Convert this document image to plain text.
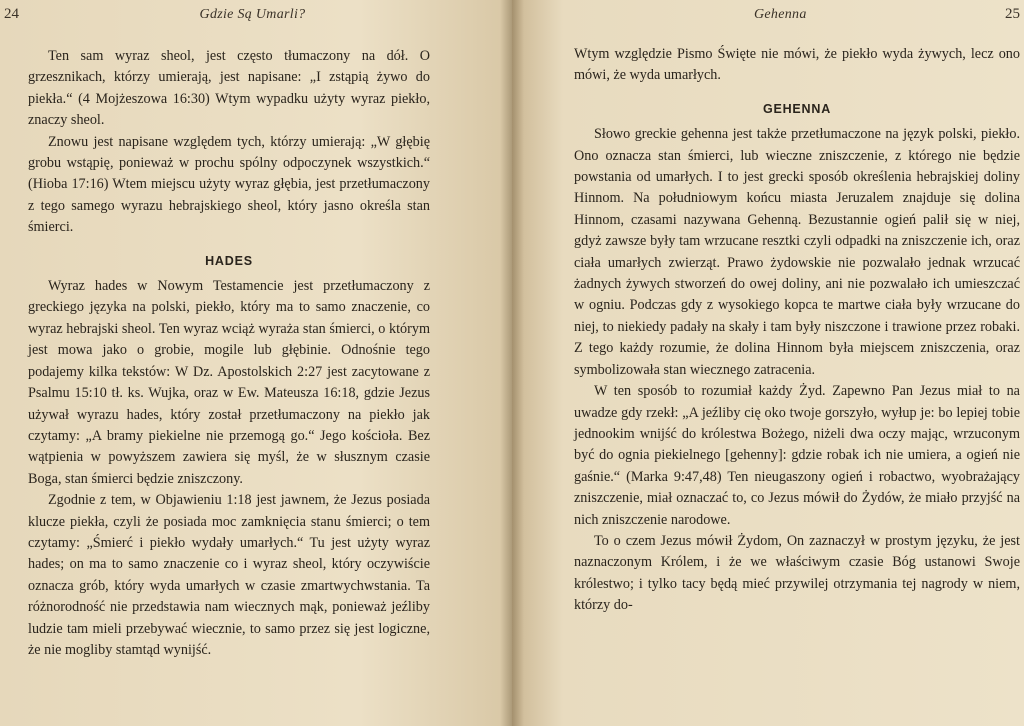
24	Gdzie Są Umarli?

Ten sam wyraz sheol, jest często tłumaczony na dół. O grzesznikach, którzy umierają, jest napisane: „I zstąpią żywo do piekła.“ (4 Mojżeszowa 16:30) Wtym wypadku użyty wyraz piekło, znaczy sheol.

Znowu jest napisane względem tych, którzy umierają: „W głębię grobu wstąpię, ponieważ w prochu spólny odpoczynek wszystkich.“ (Hioba 17:16) Wtem miejscu użyty wyraz głębia, jest przetłumaczony z tego samego wyrazu hebrajskiego sheol, który jasno określa stan śmierci.

HADES

Wyraz hades w Nowym Testamencie jest przetłumaczony z greckiego języka na polski, piekło, który ma to samo znaczenie, co wyraz hebrajski sheol. Ten wyraz wciąż wyraża stan śmierci, o którym jest mowa jako o grobie, mogile lub głębinie. Odnośnie tego podajemy kilka tekstów: W Dz. Apostolskich 2:27 jest zacytowane z Psalmu 15:10 tł. ks. Wujka, oraz w Ew. Mateusza 16:18, gdzie Jezus używał wyrazu hades, który został przetłumaczony na piekło jak czytamy: „A bramy piekielne nie przemogą go.“ Jego kościoła. Bez wątpienia w powyższem zawiera się myśl, że w słusznym czasie Boga, stan śmierci będzie zniszczony.

Zgodnie z tem, w Objawieniu 1:18 jest jawnem, że Jezus posiada klucze piekła, czyli że posiada moc zamknięcia stanu śmierci; o tem czytamy: „Śmierć i piekło wydały umarłych.“ Tu jest użyty wyraz hades; on ma to samo znaczenie co i wyraz sheol, który oczywiście oznacza grób, który wyda umarłych w czasie zmartwychwstania. Ta różnorodność nie przedstawia nam wiecznych mąk, ponieważ jeźliby ludzie tam mieli przebywać wiecznie, to samo przez się jest logiczne, że nie mogliby stamtąd wynijść.

Gehenna	25

Wtym względzie Pismo Święte nie mówi, że piekło wyda żywych, lecz ono mówi, że wyda umarłych.

GEHENNA

Słowo greckie gehenna jest także przetłumaczone na język polski, piekło. Ono oznacza stan śmierci, lub wieczne zniszczenie, z którego nie będzie powstania od umarłych. I to jest grecki sposób określenia hebrajskiej doliny Hinnom. Na południowym końcu miasta Jeruzalem znajduje się dolina Hinnom, czasami nazywana Gehenną. Bezustannie ogień palił się w niej, gdyż zawsze były tam wrzucane resztki czyli odpadki na zniszczenie ich, oraz ciała umarłych zwierząt. Prawo żydowskie nie pozwalało jednak wrzucać żadnych żywych stworzeń do owej doliny, ani nie pozwalało ich umieszczać w ogniu. Podczas gdy z wysokiego kopca te martwe ciała były wrzucane do niej, to niekiedy padały na skały i tam były niszczone i trawione przez robaki. Z tego każdy rozumie, że dolina Hinnom była miejscem zniszczenia, oraz symbolizowała stan wiecznego zatracenia.

W ten sposób to rozumiał każdy Żyd. Zapewno Pan Jezus miał to na uwadze gdy rzekł: „A jeźliby cię oko twoje gorszyło, wyłup je: bo lepiej tobie jednookim wnijść do królestwa Bożego, niżeli dwa oczy mając, wrzuconym być do ognia piekielnego [gehenny]: gdzie robak ich nie umiera, a ogień nie gaśnie.“ (Marka 9:47,48) Ten nieugaszony ogień i robactwo, wyobrażający zniszczenie, miał oznaczać to, co Jezus mówił do Żydów, że miało przyjść na nich zniszczenie narodowe.

To o czem Jezus mówił Żydom, On zaznaczył w prostym języku, że jest naznaczonym Królem, i że we właściwym czasie Bóg ustanowi Swoje królestwo; i tylko tacy będą mieć przywilej otrzymania tej nagrody w niem, którzy do-
